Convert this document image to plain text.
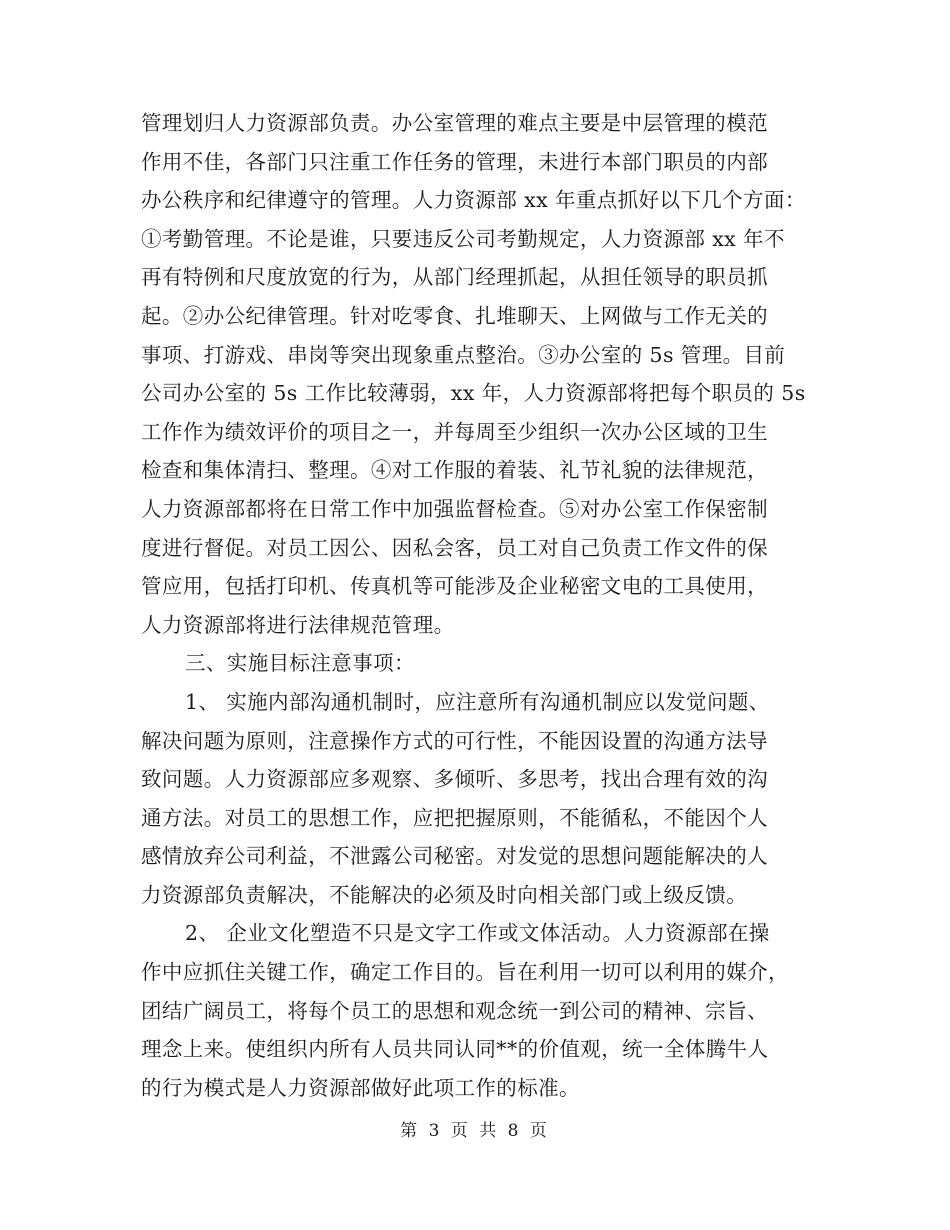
管理划归人力资源部负责。办公室管理的难点主要是中层管理的模范
作用不佳，各部门只注重工作任务的管理，未进行本部门职员的内部
办公秩序和纪律遵守的管理。人力资源部 xx 年重点抓好以下几个方面：
①考勤管理。不论是谁，只要违反公司考勤规定，人力资源部 xx 年不
再有特例和尺度放宽的行为，从部门经理抓起，从担任领导的职员抓
起。②办公纪律管理。针对吃零食、扎堆聊天、上网做与工作无关的
事项、打游戏、串岗等突出现象重点整治。③办公室的 5s 管理。目前
公司办公室的 5s 工作比较薄弱，xx 年，人力资源部将把每个职员的 5s
工作作为绩效评价的项目之一，并每周至少组织一次办公区域的卫生
检查和集体清扫、整理。④对工作服的着装、礼节礼貌的法律规范，
人力资源部都将在日常工作中加强监督检查。⑤对办公室工作保密制
度进行督促。对员工因公、因私会客，员工对自己负责工作文件的保
管应用，包括打印机、传真机等可能涉及企业秘密文电的工具使用，
人力资源部将进行法律规范管理。
三、实施目标注意事项：
1、 实施内部沟通机制时，应注意所有沟通机制应以发觉问题、
解决问题为原则，注意操作方式的可行性，不能因设置的沟通方法导
致问题。人力资源部应多观察、多倾听、多思考，找出合理有效的沟
通方法。对员工的思想工作，应把把握原则，不能循私，不能因个人
感情放弃公司利益，不泄露公司秘密。对发觉的思想问题能解决的人
力资源部负责解决，不能解决的必须及时向相关部门或上级反馈。
2、 企业文化塑造不只是文字工作或文体活动。人力资源部在操
作中应抓住关键工作，确定工作目的。旨在利用一切可以利用的媒介，
团结广阔员工，将每个员工的思想和观念统一到公司的精神、宗旨、
理念上来。使组织内所有人员共同认同**的价值观，统一全体腾牛人
的行为模式是人力资源部做好此项工作的标准。
第 3 页 共 8 页
